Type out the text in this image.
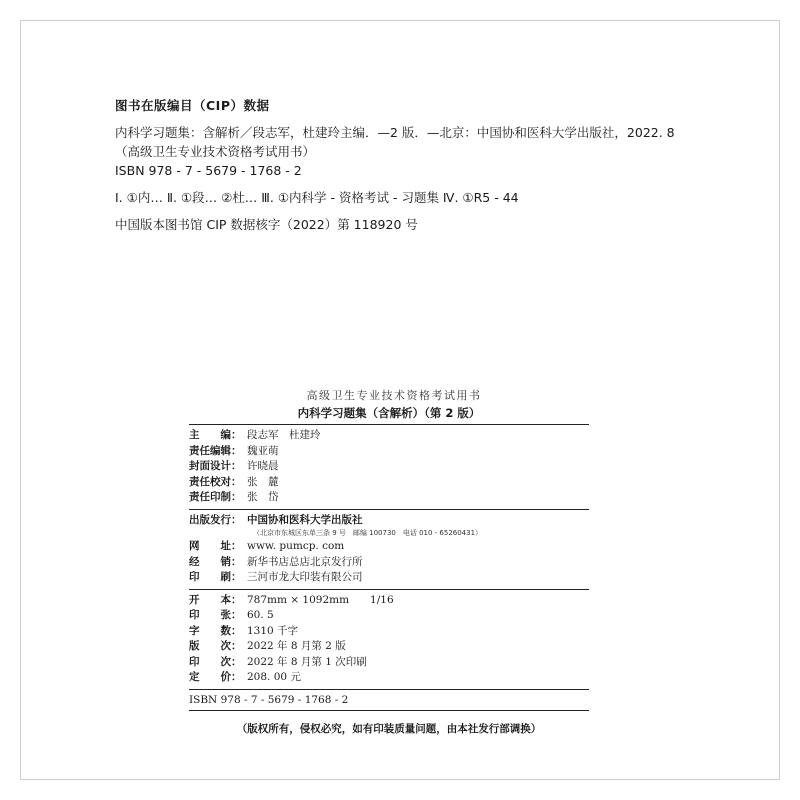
图书在版编目（CIP）数据
内科学习题集：含解析／段志军，杜建玲主编．—2 版．—北京：中国协和医科大学出版社，2022. 8
（高级卫生专业技术资格考试用书）
ISBN 978 - 7 - 5679 - 1768 - 2
Ⅰ. ①内… Ⅱ. ①段… ②杜… Ⅲ. ①内科学 - 资格考试 - 习题集 Ⅳ. ①R5 - 44
中国版本图书馆 CIP 数据核字（2022）第 118920 号
高级卫生专业技术资格考试用书
内科学习题集（含解析）（第 2 版）
主　　编： 段志军　杜建玲
责任编辑： 魏亚萌
封面设计： 许晓晨
责任校对： 张　麓
责任印制： 张　岱
出版发行： 中国协和医科大学出版社
（北京市东城区东单三条 9 号　邮编 100730　电话 010 - 65260431）
网　　址： www. pumcp. com
经　　销： 新华书店总店北京发行所
印　　刷： 三河市龙大印装有限公司
开　　本： 787mm × 1092mm　　1/16
印　　张： 60. 5
字　　数： 1310 千字
版　　次： 2022 年 8 月第 2 版
印　　次： 2022 年 8 月第 1 次印刷
定　　价： 208. 00 元
ISBN 978 - 7 - 5679 - 1768 - 2
（版权所有，侵权必究，如有印装质量问题，由本社发行部调换）
